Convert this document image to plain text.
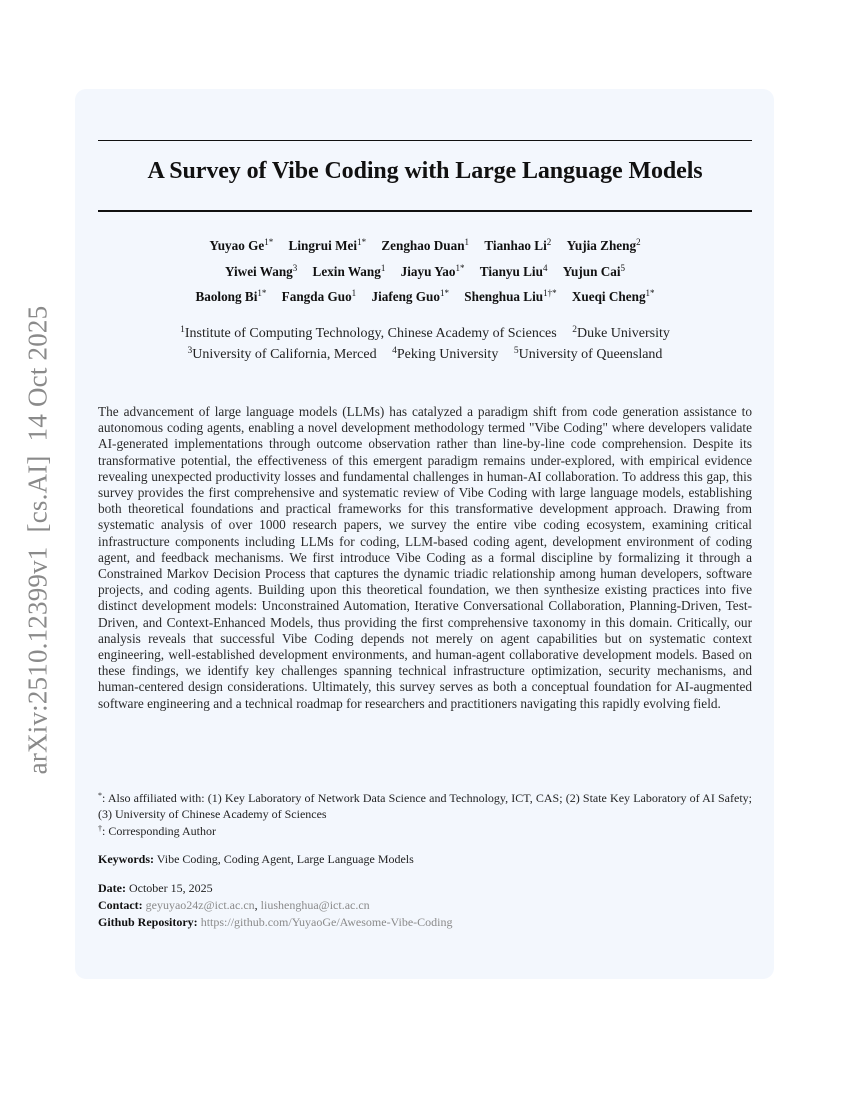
arXiv:2510.12399v1[cs.AI]14 Oct 2025
A Survey of Vibe Coding with Large Language Models
Yuyao $Ge^{1*}$ Lingrui Mei$^{1*}$ Zenghao Duan$^1$ Tianhao Li$^2$ Yujia Zheng$^2$
Yiwei Wang$^3$ Lexin Wang$^1$ Jiayu Yao$^{1*}$ Tianyu Liu$^4$ Yujun Cai$^5$
Baolong $Bi^{1*}$ Fangda Guo$^1$ Jiafeng Guo$^{1*}$ Shenghua Liu$^{1\dagger*}$ Xueqi Cheng$^{1*}$
$^1$Institute of Computing Technology, Chinese Academy of Sciences $^2$Duke University
$^3$University of California, Merced $^4$Peking University $^5$University of Queensland

The advancement of large language models (LLMs) has catalyzed a paradigm shift from code generation assistance to autonomous coding agents, enabling a novel development methodology termed "Vibe Coding" where developers validate AI-generated implementations through outcome observation rather than line-by-line code comprehension. Despite its transformative potential, the effectiveness of this emergent paradigm remains under-explored, with empirical evidence revealing unexpected productivity losses and fundamental challenges in human-AI collaboration. To address this gap, this survey provides the first comprehensive and systematic review of Vibe Coding with large language models, establishing both theoretical foundations and practical frameworks for this transformative development approach. Drawing from systematic analysis of over 1000 research papers, we survey the entire vibe coding ecosystem, examining critical infrastructure components including LLMs for coding, LLM-based coding agent, development environment of coding agent, and feedback mechanisms. We first introduce Vibe Coding as a formal discipline by formalizing it through a Constrained Markov Decision Process that captures the dynamic triadic relationship among human developers, software projects, and coding agents. Building upon this theoretical foundation, we then synthesize existing practices into five distinct development models: Unconstrained Automation, Iterative Conversational Collaboration, Planning-Driven, Test-Driven, and Context-Enhanced Models, thus providing the first comprehensive taxonomy in this domain. Critically, our analysis reveals that successful Vibe Coding depends not merely on agent capabilities but on systematic context engineering, well-established development environments, and human-agent collaborative development models. Based on these findings, we identify key challenges spanning technical infrastructure optimization, security mechanisms, and human-centered design considerations. Ultimately, this survey serves as both a conceptual foundation for AI-augmented software engineering and a technical roadmap for researchers and practitioners navigating this rapidly evolving field.

*: Also affiliated with: (1) Key Laboratory of Network Data Science and Technology, ICT, CAS; (2) State Key Laboratory of AI Safety; (3) University of Chinese Academy of Sciences
†: Corresponding Author
Keywords: Vibe Coding, Coding Agent, Large Language Models
Date: October 15, 2025
Contact: geyuyao24z@ict.ac.cn, liushenghua@ict.ac.cn
Github Repository: https://github.com/YuyaoGe/Awesome-Vibe-Coding
